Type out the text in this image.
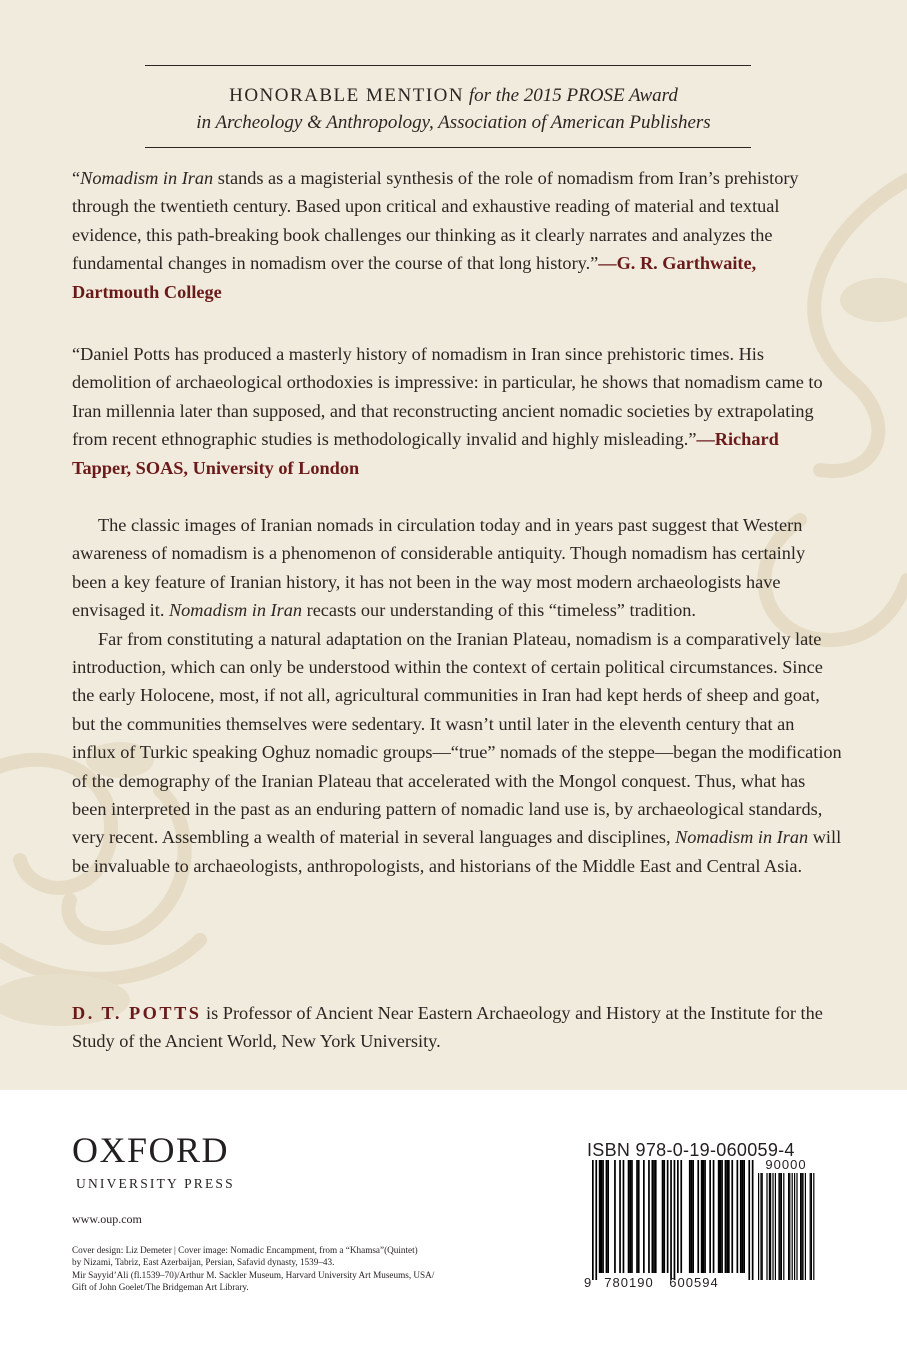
HONORABLE MENTION for the 2015 PROSE Award
in Archeology & Anthropology, Association of American Publishers
“Nomadism in Iran stands as a magisterial synthesis of the role of nomadism from Iran’s prehistory through the twentieth century. Based upon critical and exhaustive reading of material and textual evidence, this path-breaking book challenges our thinking as it clearly narrates and analyzes the fundamental changes in nomadism over the course of that long history.”—G. R. Garthwaite, Dartmouth College
“Daniel Potts has produced a masterly history of nomadism in Iran since prehistoric times. His demolition of archaeological orthodoxies is impressive: in particular, he shows that nomadism came to Iran millennia later than supposed, and that reconstructing ancient nomadic societies by extrapolating from recent ethnographic studies is methodologically invalid and highly misleading.”—Richard Tapper, SOAS, University of London

The classic images of Iranian nomads in circulation today and in years past suggest that Western awareness of nomadism is a phenomenon of considerable antiquity. Though nomadism has certainly been a key feature of Iranian history, it has not been in the way most modern archaeologists have envisaged it. Nomadism in Iran recasts our understanding of this “timeless” tradition.

Far from constituting a natural adaptation on the Iranian Plateau, nomadism is a comparatively late introduction, which can only be understood within the context of certain political circumstances. Since the early Holocene, most, if not all, agricultural communities in Iran had kept herds of sheep and goat, but the communities themselves were sedentary. It wasn’t until later in the eleventh century that an influx of Turkic speaking Oghuz nomadic groups—“true” nomads of the steppe—began the modification of the demography of the Iranian Plateau that accelerated with the Mongol conquest. Thus, what has been interpreted in the past as an enduring pattern of nomadic land use is, by archaeological standards, very recent. Assembling a wealth of material in several languages and disciplines, Nomadism in Iran will be invaluable to archaeologists, anthropologists, and historians of the Middle East and Central Asia.

D. T. POTTS is Professor of Ancient Near Eastern Archaeology and History at the Institute for the Study of the Ancient World, New York University.
OXFORD
UNIVERSITY PRESS
www.oup.com
Cover design: Liz Demeter | Cover image: Nomadic Encampment, from a “Khamsa”(Quintet)
by Nizami, Tabriz, East Azerbaijan, Persian, Safavid dynasty, 1539–43.
Mir Sayyid’Ali (fl.1539–70)/Arthur M. Sackler Museum, Harvard University Art Museums, USA/
Gift of John Goelet/The Bridgeman Art Library.
ISBN 978-0-19-060059-4
9 780190 600594
90000
